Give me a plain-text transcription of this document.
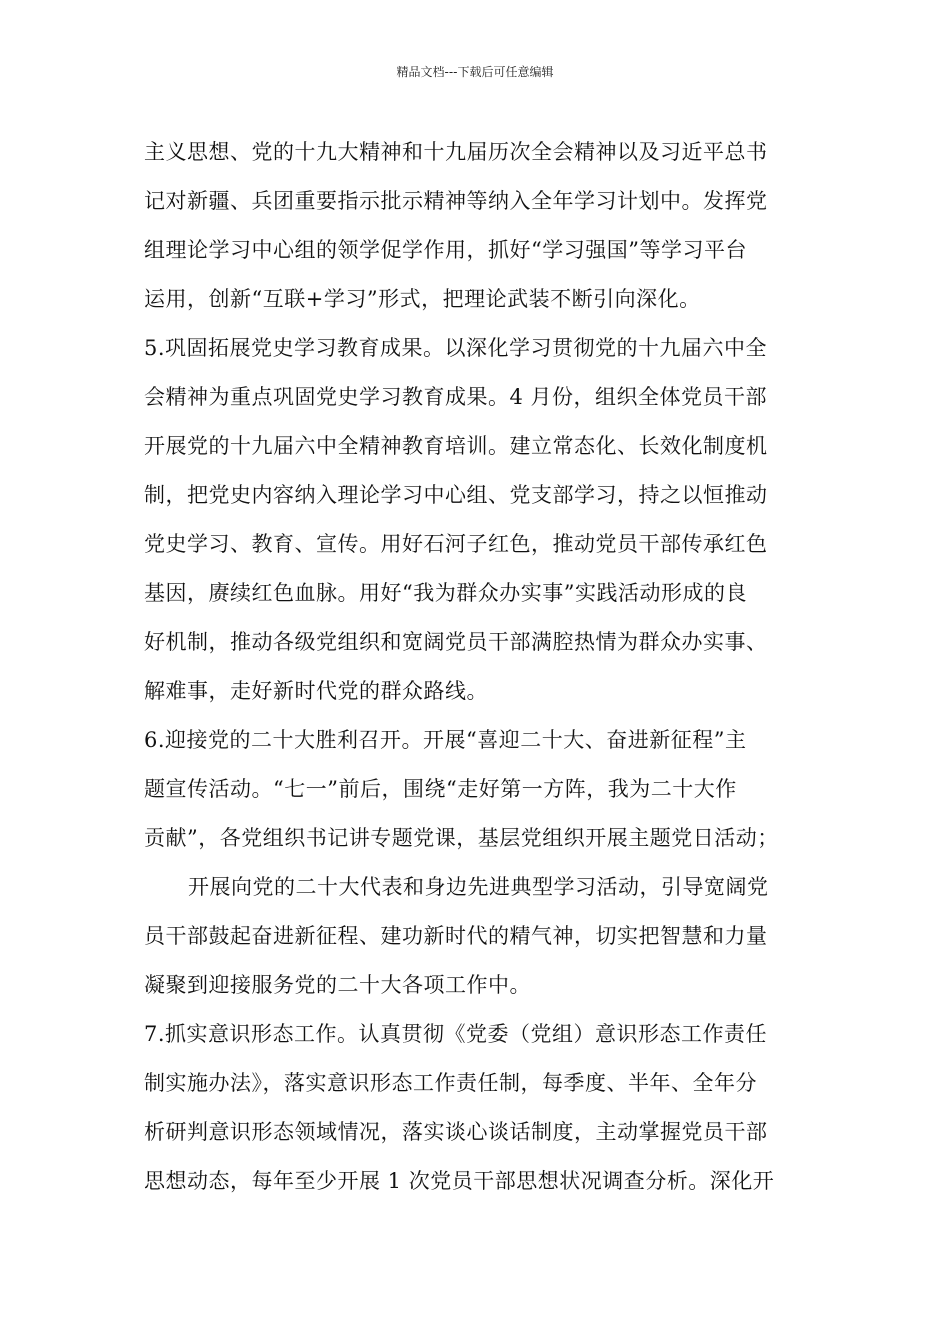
精品文档---下载后可任意编辑
主义思想、党的十九大精神和十九届历次全会精神以及习近平总书
记对新疆、兵团重要指示批示精神等纳入全年学习计划中。发挥党
组理论学习中心组的领学促学作用，抓好“学习强国”等学习平台
运用，创新“互联+学习”形式，把理论武装不断引向深化。
5.巩固拓展党史学习教育成果。以深化学习贯彻党的十九届六中全
会精神为重点巩固党史学习教育成果。4 月份，组织全体党员干部
开展党的十九届六中全精神教育培训。建立常态化、长效化制度机
制，把党史内容纳入理论学习中心组、党支部学习，持之以恒推动
党史学习、教育、宣传。用好石河子红色，推动党员干部传承红色
基因，赓续红色血脉。用好“我为群众办实事”实践活动形成的良
好机制，推动各级党组织和宽阔党员干部满腔热情为群众办实事、
解难事，走好新时代党的群众路线。
6.迎接党的二十大胜利召开。开展“喜迎二十大、奋进新征程”主
题宣传活动。“七一”前后，围绕“走好第一方阵，我为二十大作
贡献”，各党组织书记讲专题党课，基层党组织开展主题党日活动；
开展向党的二十大代表和身边先进典型学习活动，引导宽阔党
员干部鼓起奋进新征程、建功新时代的精气神，切实把智慧和力量
凝聚到迎接服务党的二十大各项工作中。
7.抓实意识形态工作。认真贯彻《党委（党组）意识形态工作责任
制实施办法》，落实意识形态工作责任制，每季度、半年、全年分
析研判意识形态领域情况，落实谈心谈话制度，主动掌握党员干部
思想动态，每年至少开展 1 次党员干部思想状况调查分析。深化开
